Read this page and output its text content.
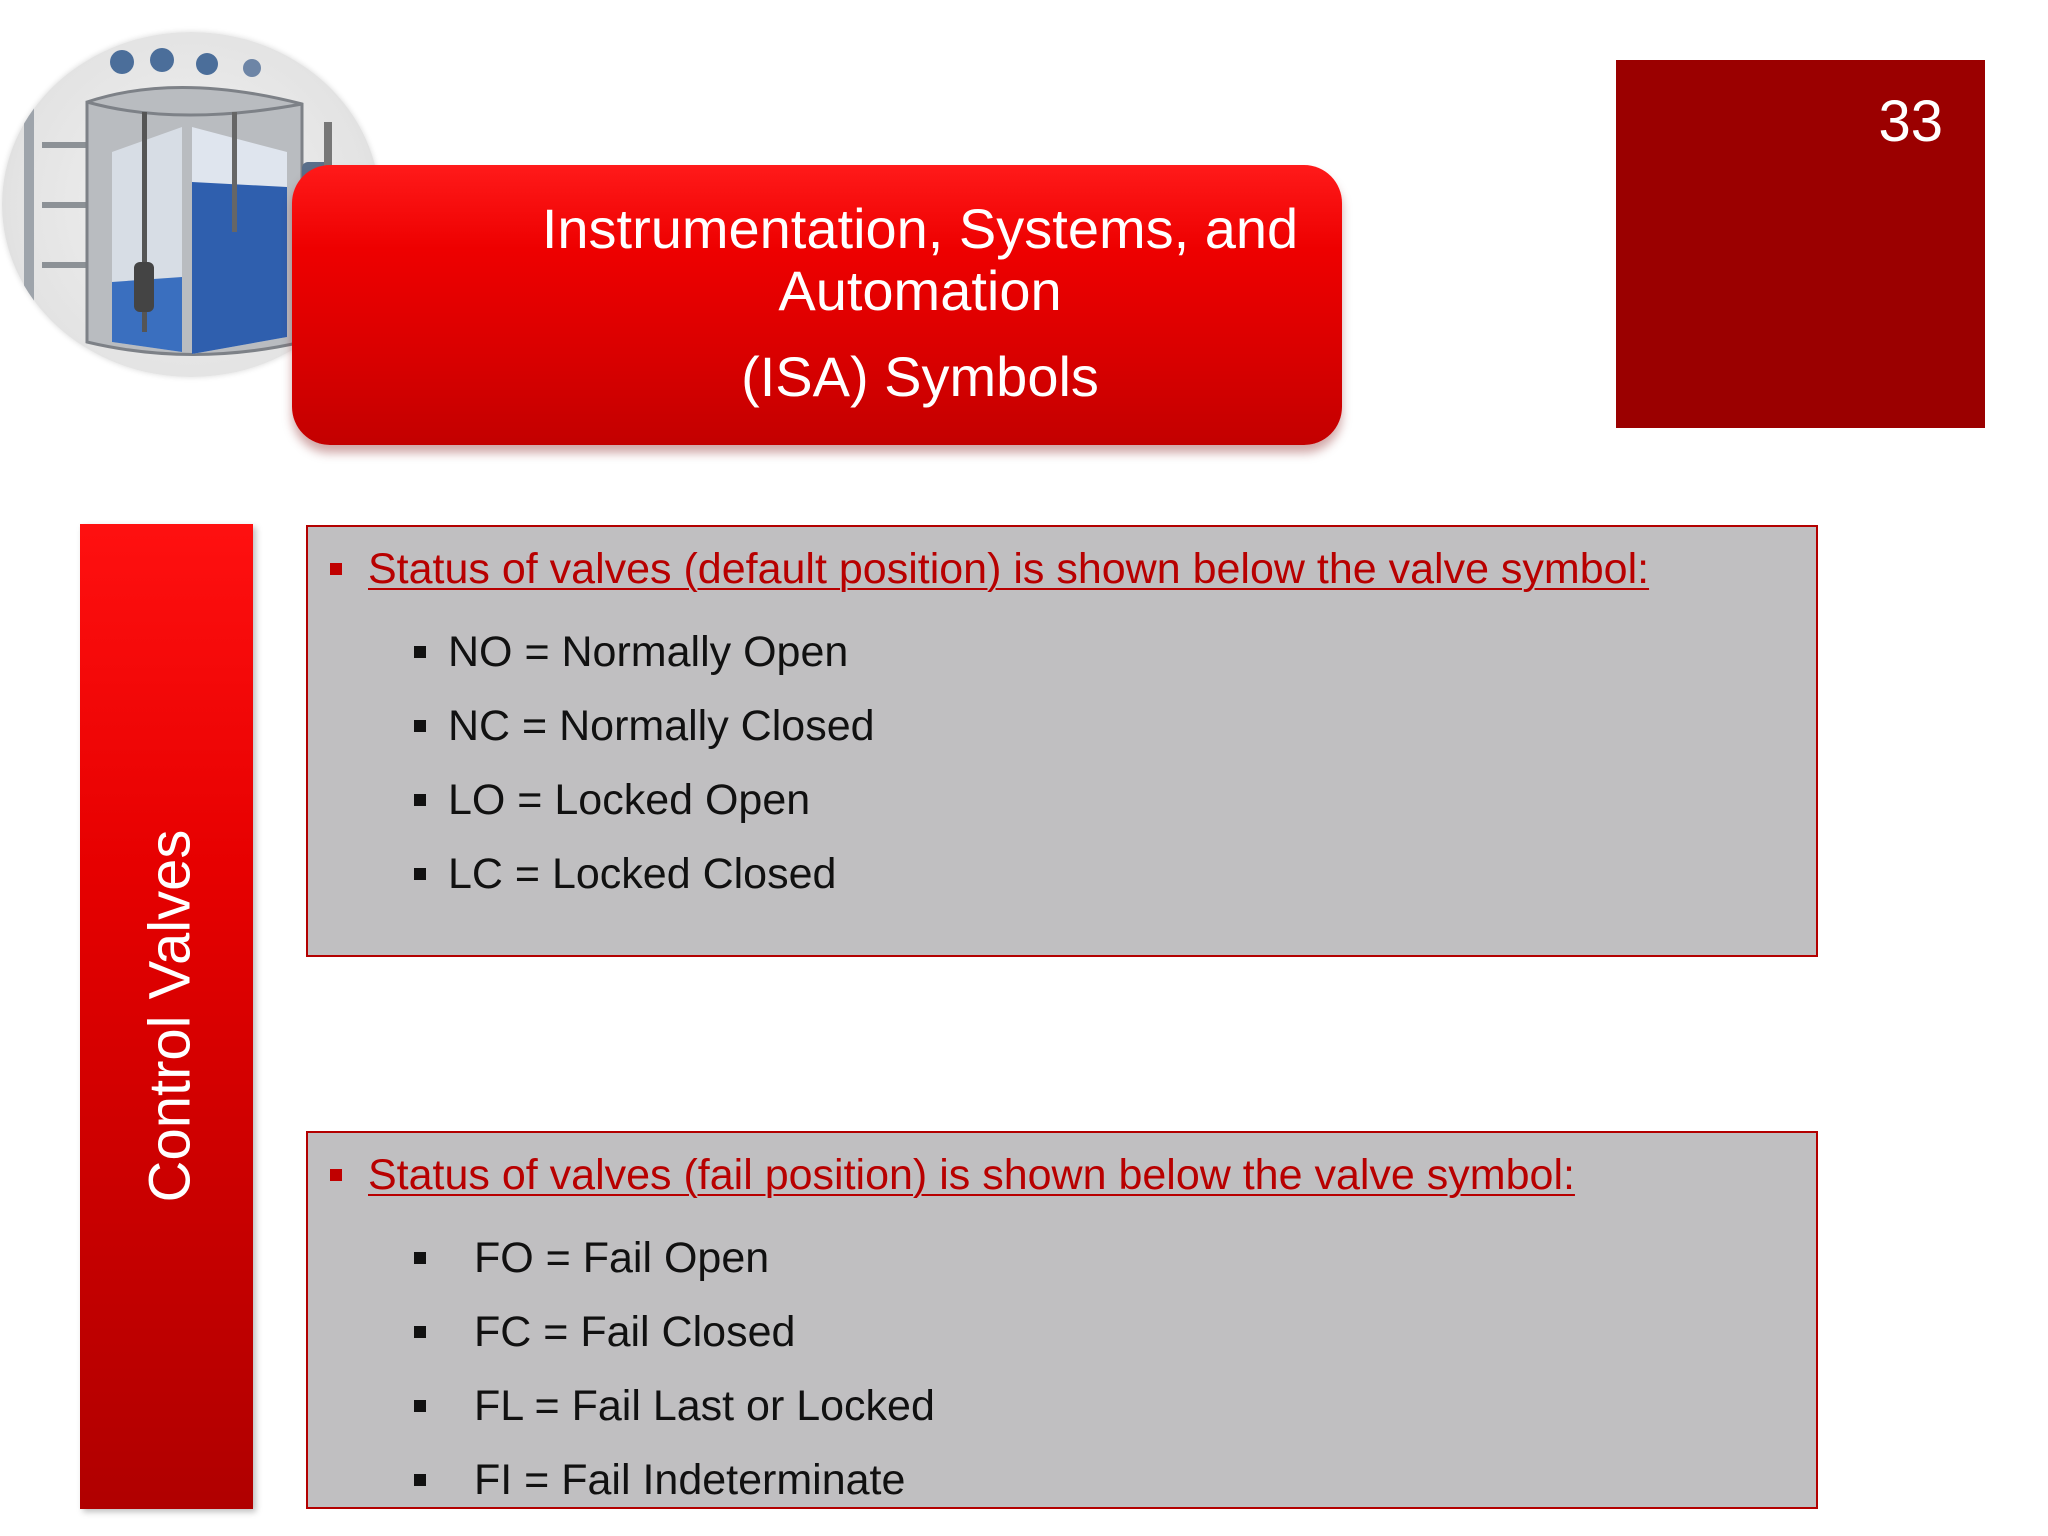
Instrumentation, Systems, and
Automation
(ISA) Symbols
33
Control Valves
Status of valves (default position) is shown below the valve symbol:
NO = Normally Open
NC = Normally Closed
LO = Locked Open
LC = Locked Closed
Status of valves (fail position) is shown below the valve symbol:
FO = Fail Open
FC = Fail Closed
FL = Fail Last or Locked
FI = Fail Indeterminate
